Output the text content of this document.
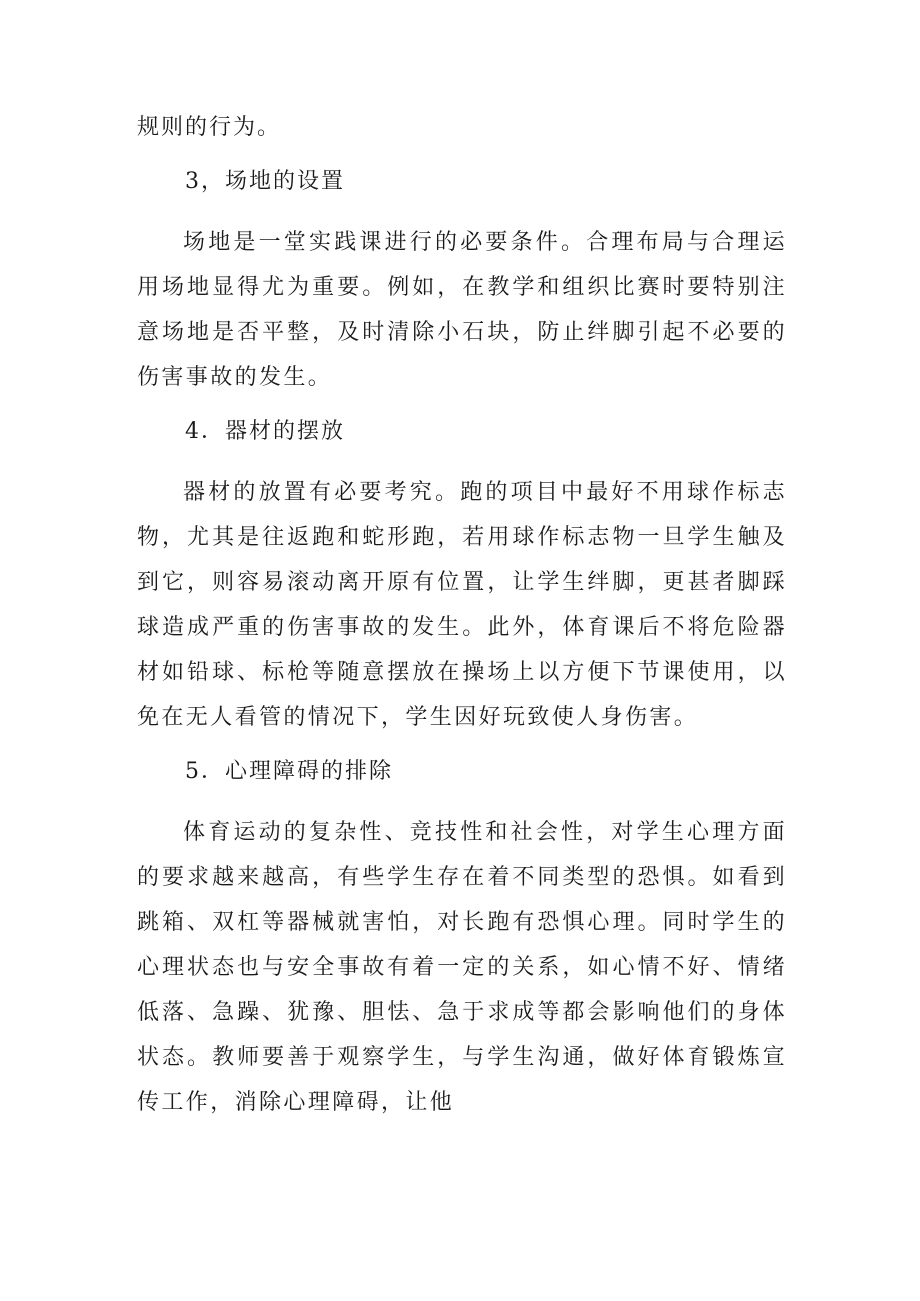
规则的行为。

3，场地的设置

场地是一堂实践课进行的必要条件。合理布局与合理运用场地显得尤为重要。例如，在教学和组织比赛时要特别注意场地是否平整，及时清除小石块，防止绊脚引起不必要的伤害事故的发生。

4．器材的摆放

器材的放置有必要考究。跑的项目中最好不用球作标志物，尤其是往返跑和蛇形跑，若用球作标志物一旦学生触及到它，则容易滚动离开原有位置，让学生绊脚，更甚者脚踩球造成严重的伤害事故的发生。此外，体育课后不将危险器材如铅球、标枪等随意摆放在操场上以方便下节课使用，以免在无人看管的情况下，学生因好玩致使人身伤害。

5．心理障碍的排除

体育运动的复杂性、竞技性和社会性，对学生心理方面的要求越来越高，有些学生存在着不同类型的恐惧。如看到跳箱、双杠等器械就害怕，对长跑有恐惧心理。同时学生的心理状态也与安全事故有着一定的关系，如心情不好、情绪低落、急躁、犹豫、胆怯、急于求成等都会影响他们的身体状态。教师要善于观察学生，与学生沟通，做好体育锻炼宣传工作，消除心理障碍，让他
